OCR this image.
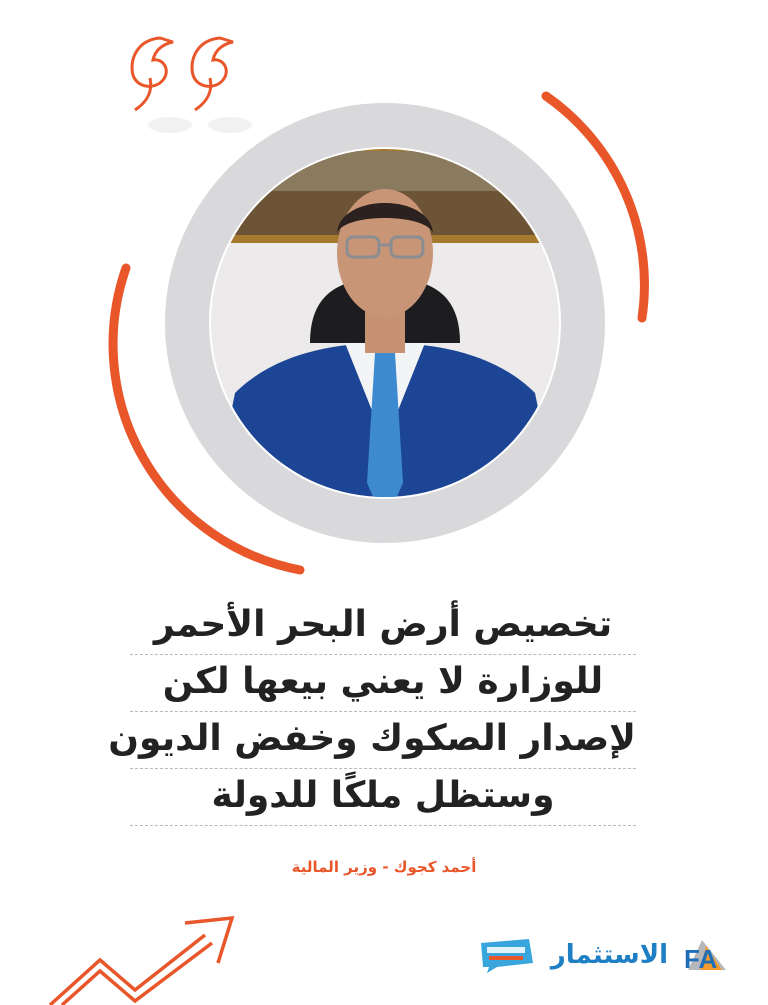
تخصيص أرض البحر الأحمر
للوزارة لا يعني بيعها لكن
لإصدار الصكوك وخفض الديون
وستظل ملكًا للدولة
أحمد كجوك - وزير المالية
الاستثمار FA
